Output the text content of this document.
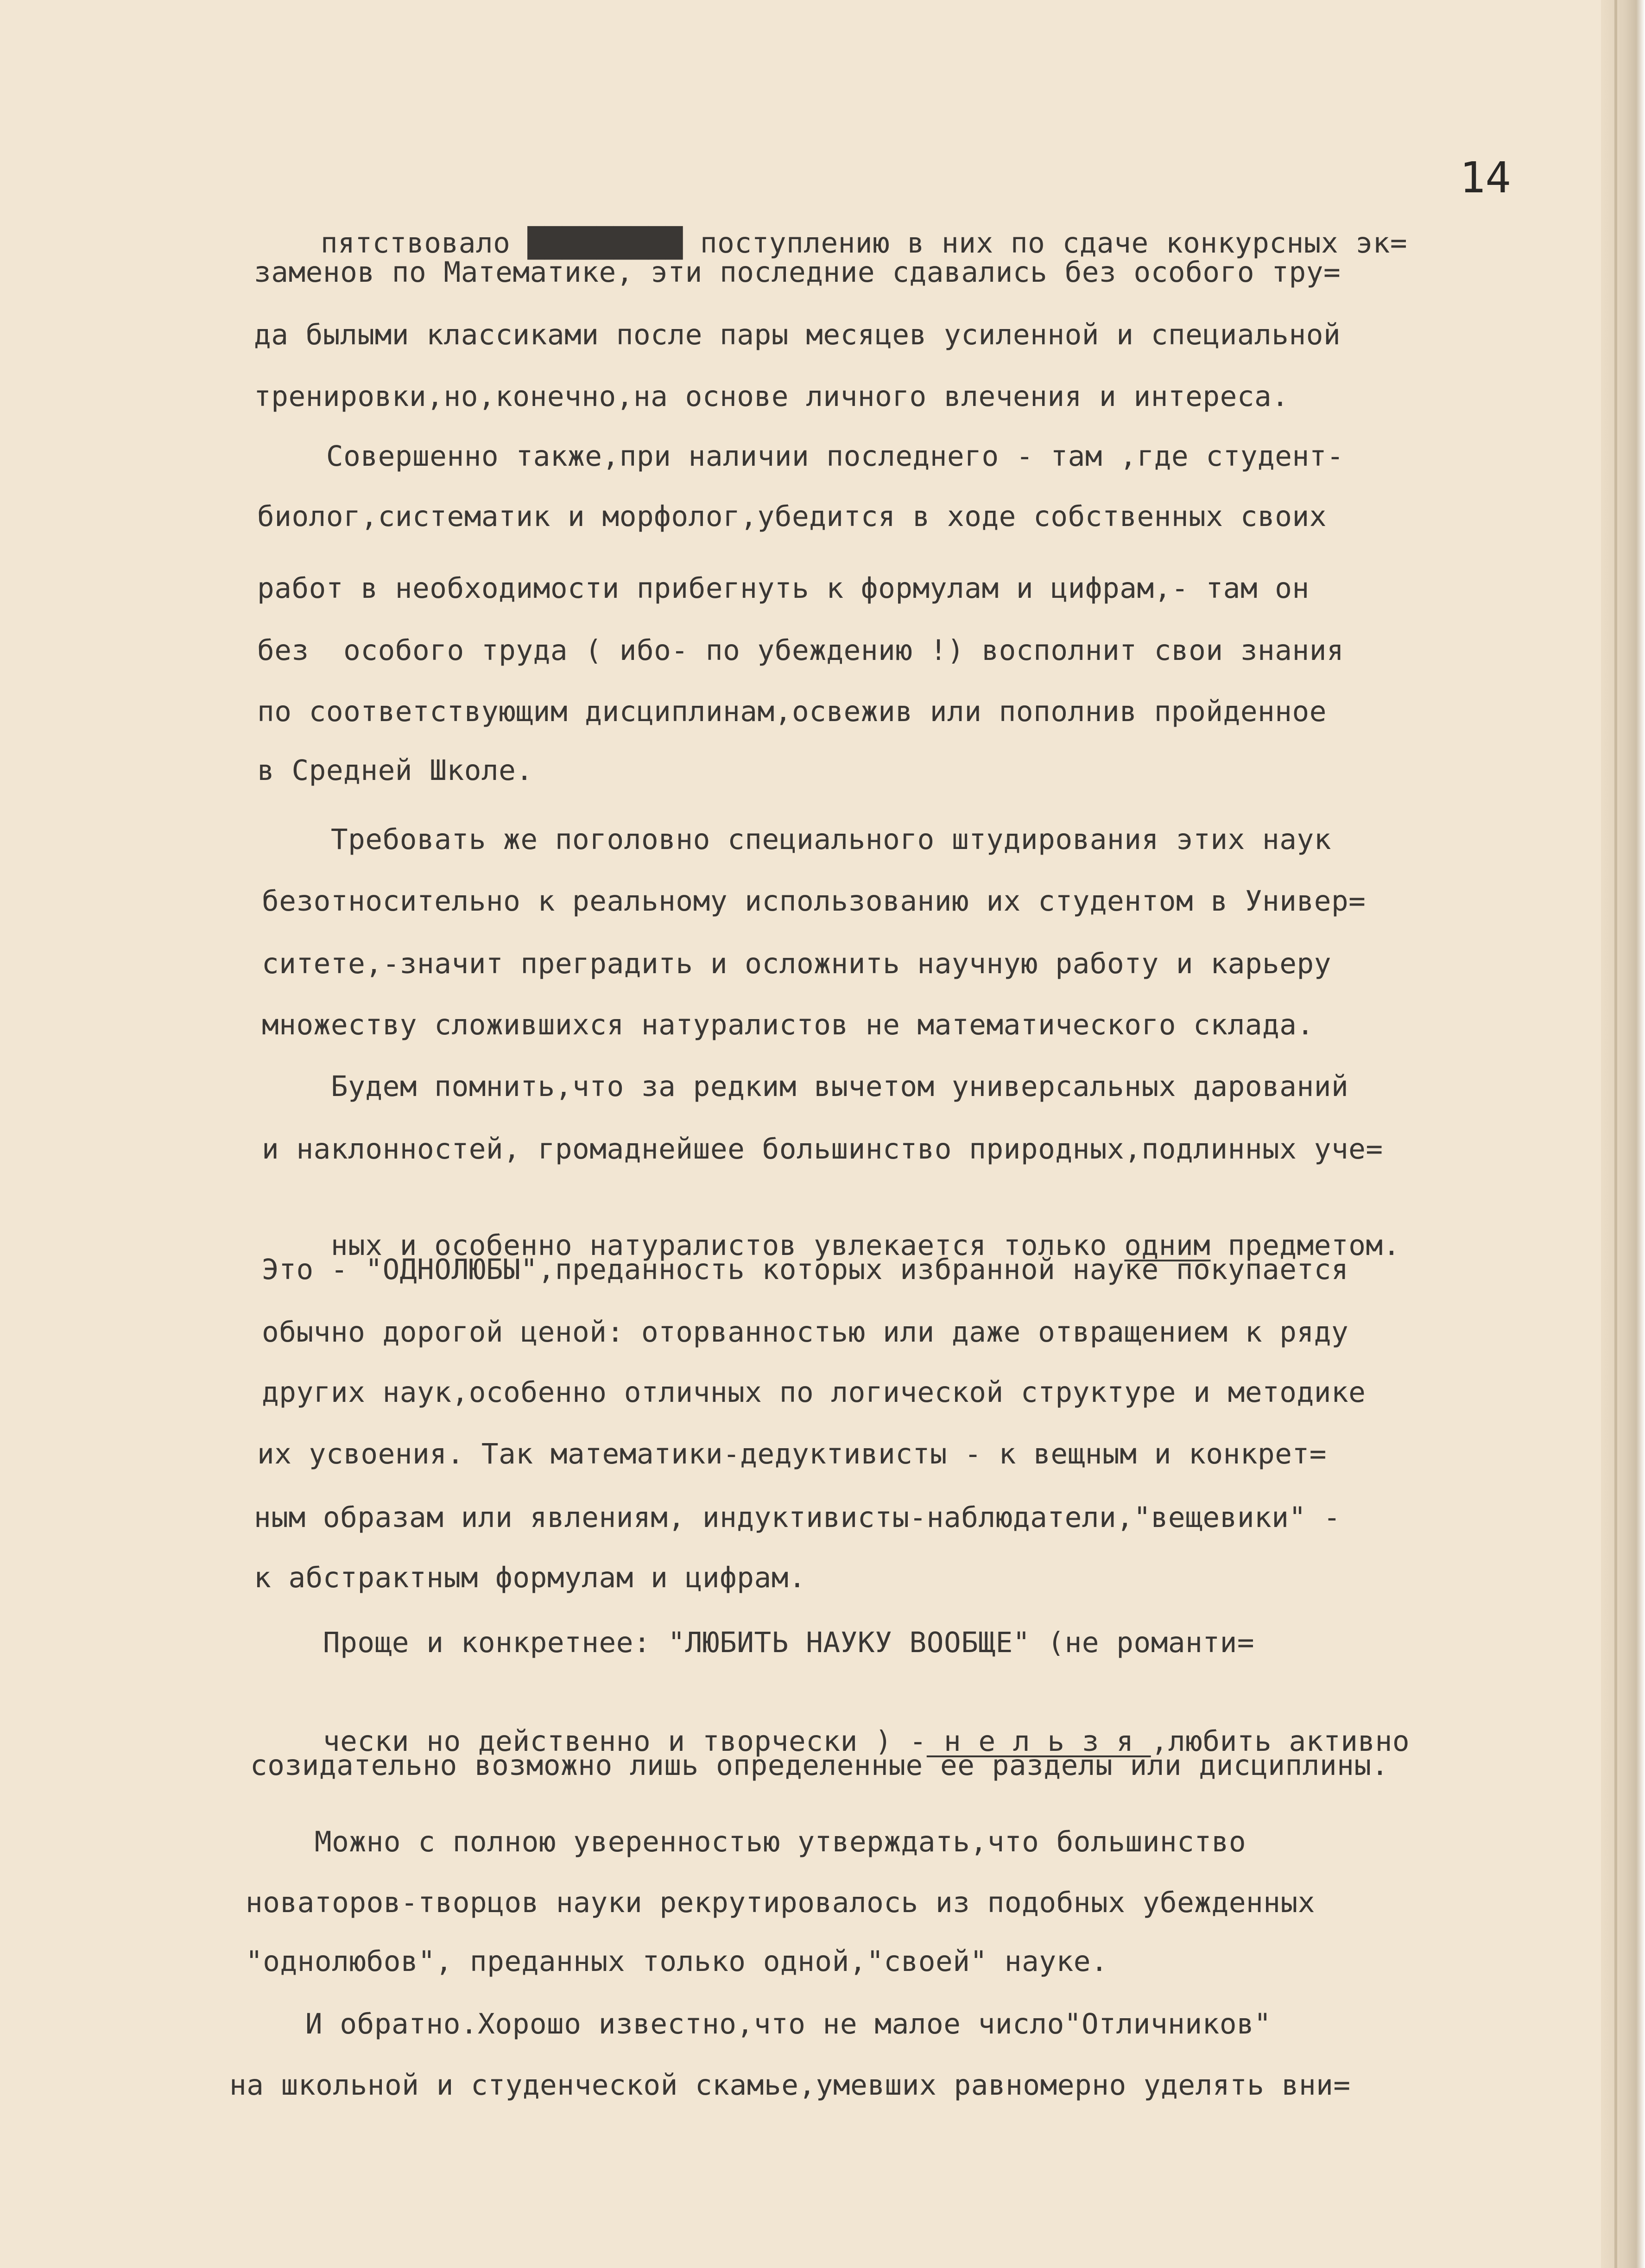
14

пятствовало █████████ поступлению в них по сдаче конкурсных эк=

заменов по Математике, эти последние сдавались без особого тру=
да былыми классиками после пары месяцев усиленной и специальной
тренировки,но,конечно,на основе личного влечения и интереса.
Совершенно также,при наличии последнего - там ,где студент-
биолог,систематик и морфолог,убедится в ходе собственных своих
работ в необходимости прибегнуть к формулам и цифрам,- там он
без  особого труда ( ибо- по убеждению !) восполнит свои знания
по соответствующим дисциплинам,освежив или пополнив пройденное
в Средней Школе.
Требовать же поголовно специального штудирования этих наук
безотносительно к реальному использованию их студентом в Универ=
ситете,-значит преградить и осложнить научную работу и карьеру
множеству сложившихся натуралистов не математического склада.
Будем помнить,что за редким вычетом универсальных дарований
и наклонностей, громаднейшее большинство природных,подлинных уче=

ных и особенно натуралистов увлекается только одним предметом.

Это - "ОДНОЛЮБЫ",преданность которых избранной науке покупается
обычно дорогой ценой: оторванностью или даже отвращением к ряду
других наук,особенно отличных по логической структуре и методике
их усвоения. Так математики-дедуктивисты - к вещным и конкрет=
ным образам или явлениям, индуктивисты-наблюдатели,"вещевики" -
к абстрактным формулам и цифрам.
Проще и конкретнее: "ЛЮБИТЬ НАУКУ ВООБЩЕ" (не романти=

чески но действенно и творчески ) - н е л ь з я ,любить активно

созидательно возможно лишь определенные ее разделы или дисциплины.
Можно с полною уверенностью утверждать,что большинство
новаторов-творцов науки рекрутировалось из подобных убежденных
"однолюбов", преданных только одной,"своей" науке.
И обратно.Хорошо известно,что не малое число"Отличников"
на школьной и студенческой скамье,умевших равномерно уделять вни=
